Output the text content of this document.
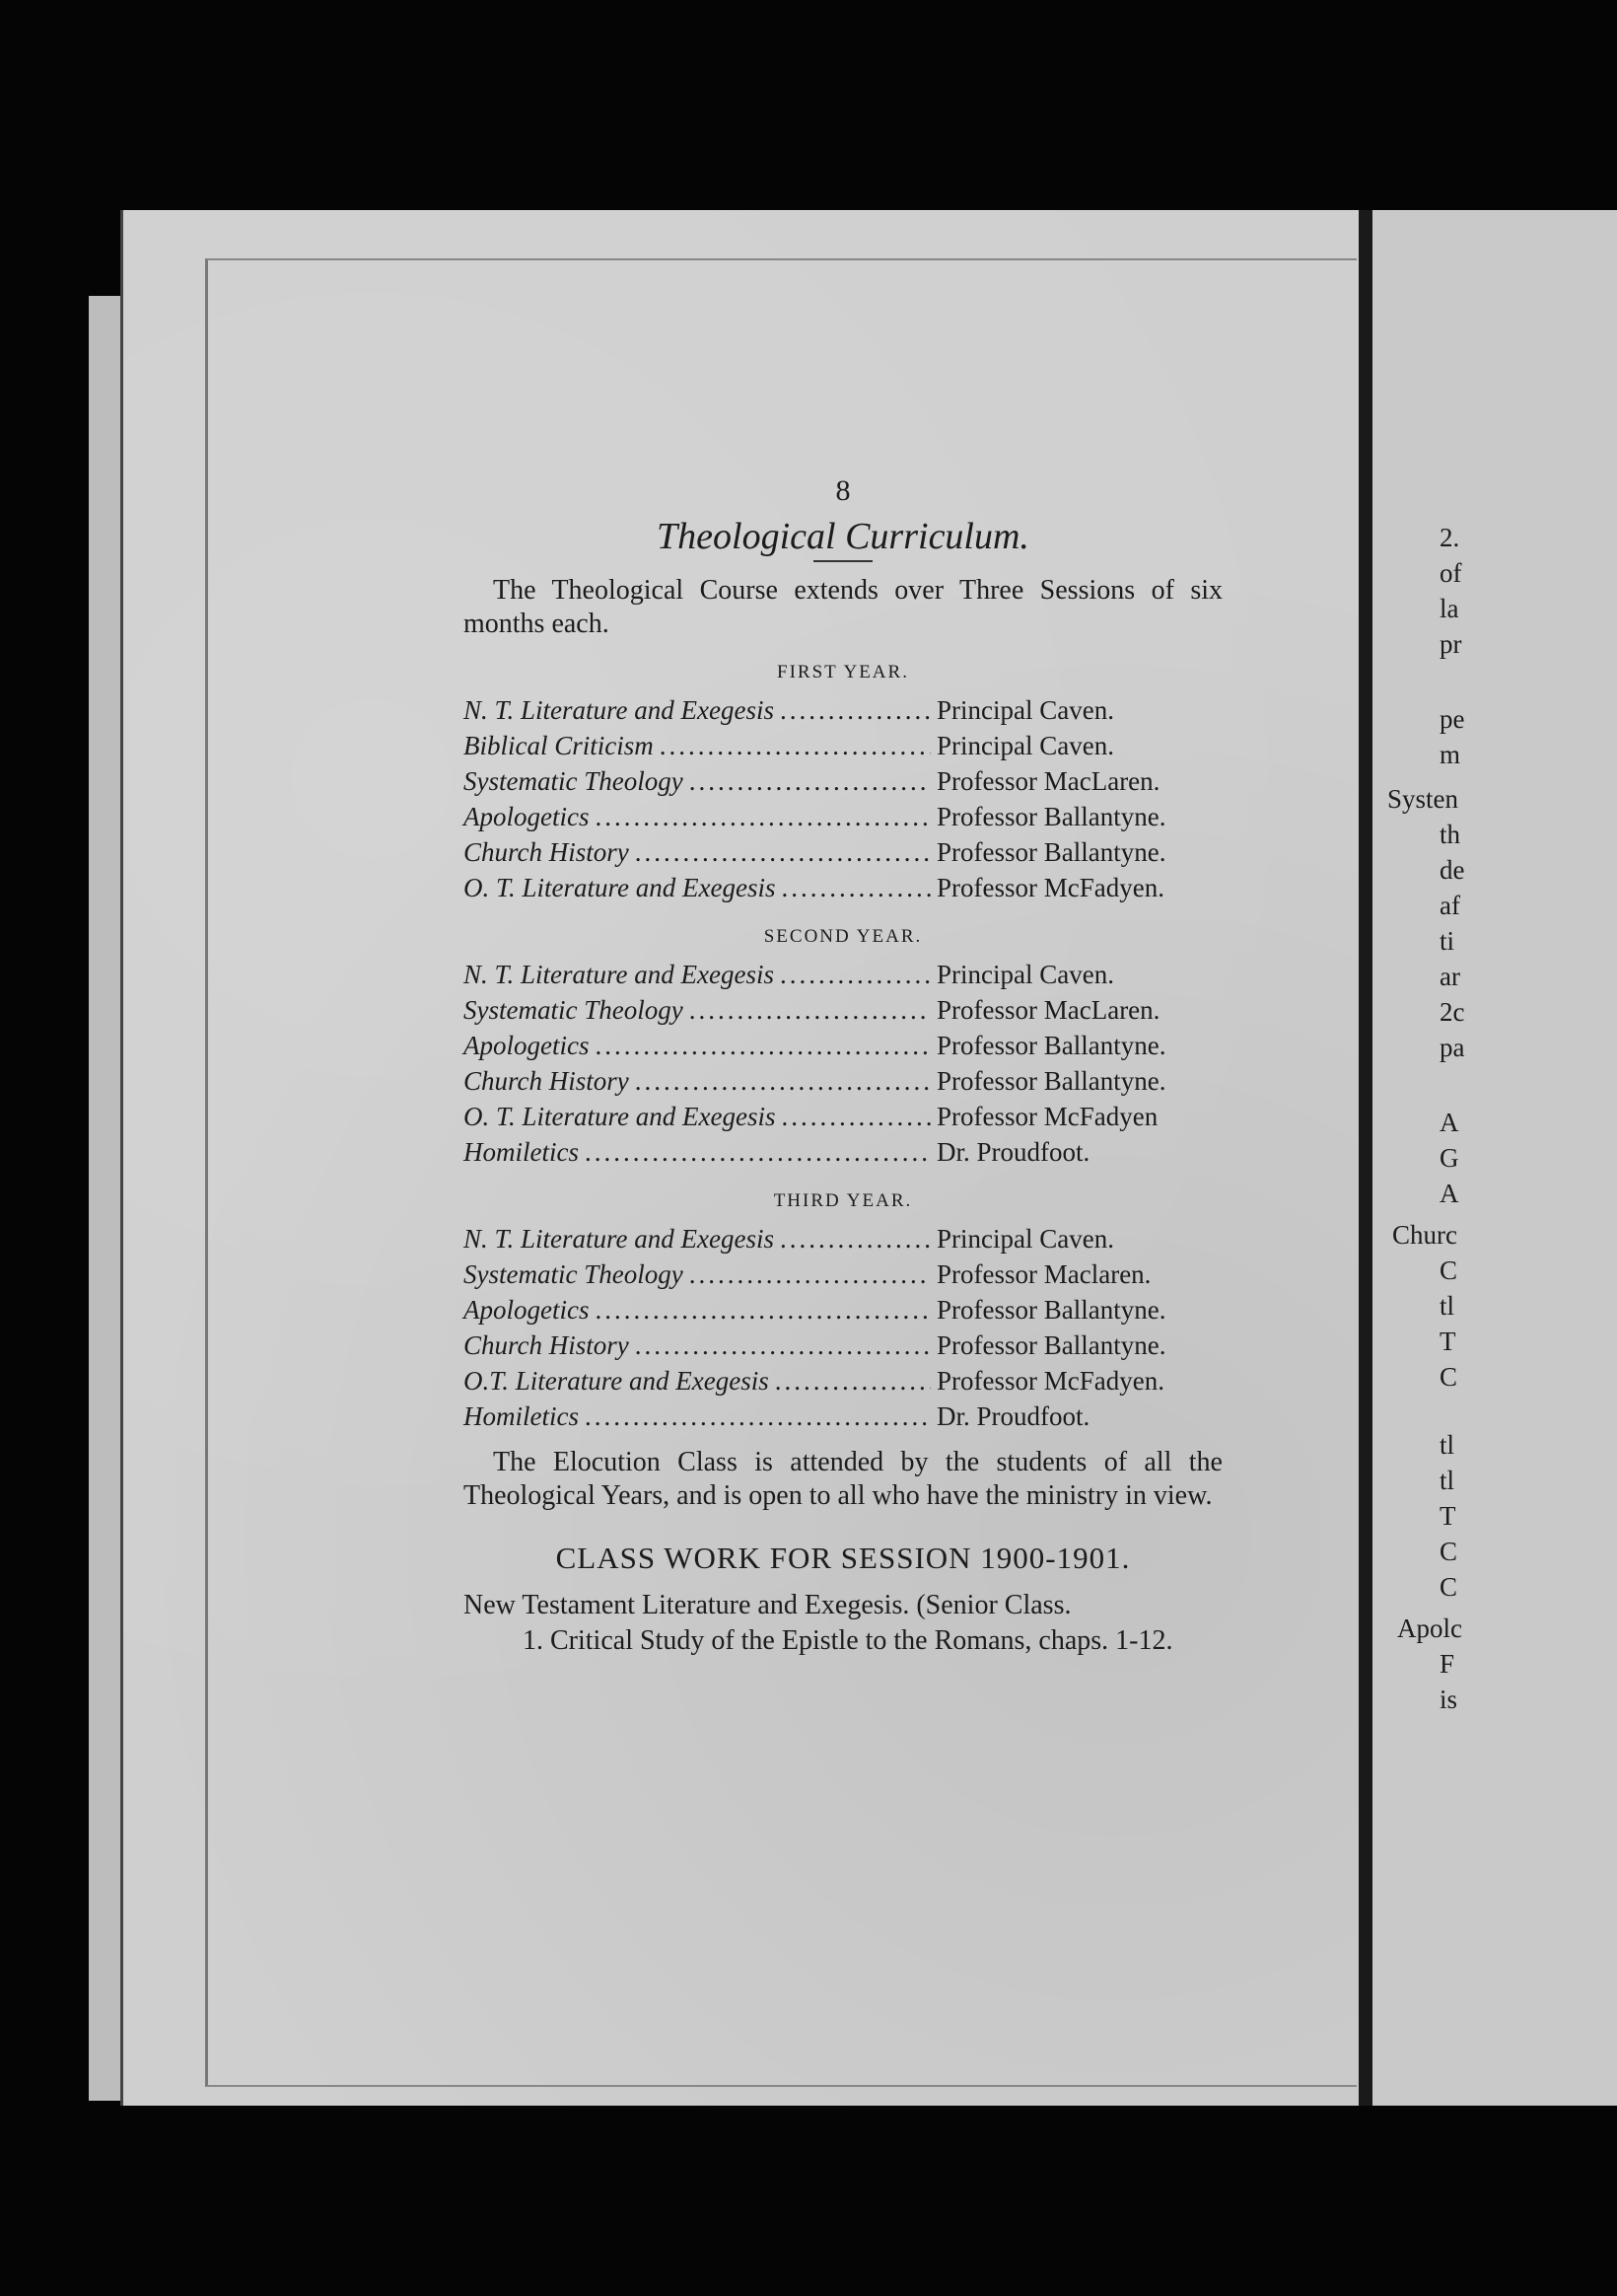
2.
of
la
pr
pe
m
Systen
th
de
af
ti
ar
2c
pa
A
G
A
Churc
C
tl
T
C
tl
tl
T
C
C
Apolc
F
is
8
Theological Curriculum.
The Theological Course extends over Three Sessions of six months each.
FIRST YEAR.
N. T. Literature and Exegesis .....	Principal Caven.
Biblical Criticism .....	Principal Caven.
Systematic Theology .....	Professor MacLaren.
Apologetics .....	Professor Ballantyne.
Church History .....	Professor Ballantyne.
O. T. Literature and Exegesis .....	Professor McFadyen.
SECOND YEAR.
N. T. Literature and Exegesis .....	Principal Caven.
Systematic Theology .....	Professor MacLaren.
Apologetics .....	Professor Ballantyne.
Church History .....	Professor Ballantyne.
O. T. Literature and Exegesis .....	Professor McFadyen
Homiletics .....	Dr. Proudfoot.
THIRD YEAR.
N. T. Literature and Exegesis .....	Principal Caven.
Systematic Theology .....	Professor Maclaren.
Apologetics .....	Professor Ballantyne.
Church History .....	Professor Ballantyne.
O.T. Literature and Exegesis .....	Professor McFadyen.
Homiletics .....	Dr. Proudfoot.
The Elocution Class is attended by the students of all the Theological Years, and is open to all who have the ministry in view.
CLASS WORK FOR SESSION 1900-1901.
New Testament Literature and Exegesis. (Senior Class.
1. Critical Study of the Epistle to the Romans, chaps. 1-12.
